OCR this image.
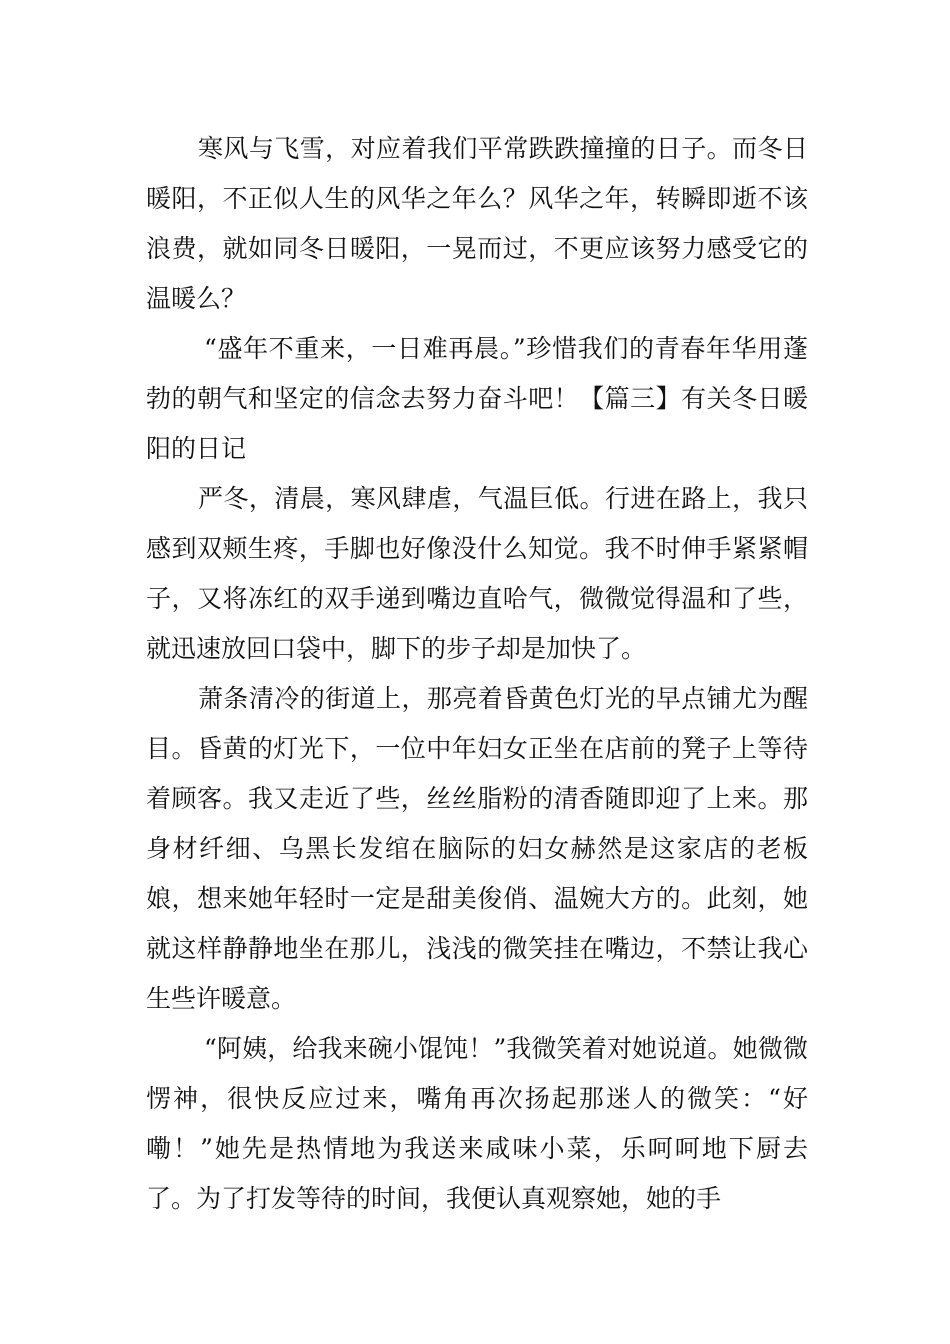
寒风与飞雪，对应着我们平常跌跌撞撞的日子。而冬日暖阳，不正似人生的风华之年么？风华之年，转瞬即逝不该浪费，就如同冬日暖阳，一晃而过，不更应该努力感受它的温暖么？

“盛年不重来，一日难再晨。”珍惜我们的青春年华用蓬勃的朝气和坚定的信念去努力奋斗吧！【篇三】有关冬日暖阳的日记

严冬，清晨，寒风肆虐，气温巨低。行进在路上，我只感到双颊生疼，手脚也好像没什么知觉。我不时伸手紧紧帽子，又将冻红的双手递到嘴边直哈气，微微觉得温和了些，就迅速放回口袋中，脚下的步子却是加快了。

萧条清冷的街道上，那亮着昏黄色灯光的早点铺尤为醒目。昏黄的灯光下，一位中年妇女正坐在店前的凳子上等待着顾客。我又走近了些，丝丝脂粉的清香随即迎了上来。那身材纤细、乌黑长发绾在脑际的妇女赫然是这家店的老板娘，想来她年轻时一定是甜美俊俏、温婉大方的。此刻，她就这样静静地坐在那儿，浅浅的微笑挂在嘴边，不禁让我心生些许暖意。

“阿姨，给我来碗小馄饨！”我微笑着对她说道。她微微愣神，很快反应过来，嘴角再次扬起那迷人的微笑：“好嘞！”她先是热情地为我送来咸味小菜，乐呵呵地下厨去了。为了打发等待的时间，我便认真观察她，她的手
